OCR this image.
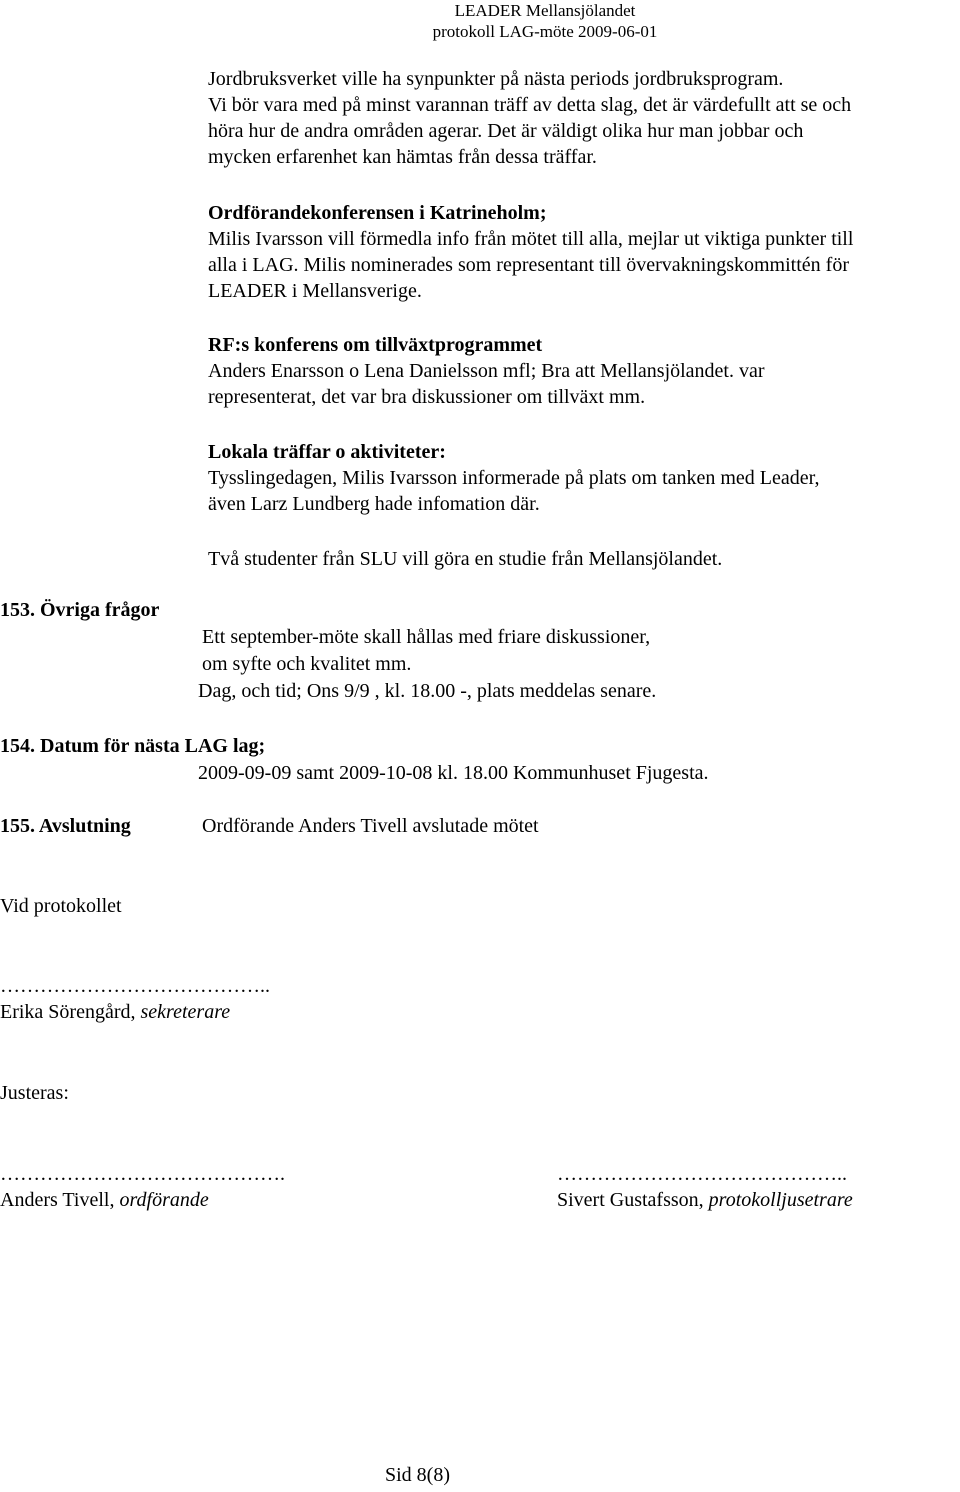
LEADER Mellansjölandet
protokoll LAG-möte 2009-06-01
Jordbruksverket ville ha synpunkter på nästa periods jordbruksprogram.
Vi bör vara med på minst varannan träff av detta slag, det är värdefullt att se och
höra hur de andra områden agerar. Det är väldigt olika hur man jobbar och
mycken erfarenhet kan hämtas från dessa träffar.
Ordförandekonferensen i Katrineholm;
Milis Ivarsson vill förmedla info från mötet till alla, mejlar ut viktiga punkter till
alla i LAG. Milis nominerades som representant till övervakningskommittén för
LEADER i Mellansverige.
RF:s konferens om tillväxtprogrammet
Anders Enarsson o Lena Danielsson mfl; Bra att Mellansjölandet. var
representerat, det var bra diskussioner om tillväxt mm.
Lokala träffar o aktiviteter:
Tysslingedagen, Milis Ivarsson informerade på plats om tanken med Leader,
även Larz Lundberg hade infomation där.
Två studenter från SLU vill göra en studie från Mellansjölandet.
153. Övriga frågor
Ett september-möte skall hållas med friare diskussioner,
om syfte och kvalitet mm.
Dag, och tid; Ons 9/9 , kl. 18.00 -, plats meddelas senare.
154. Datum för nästa LAG lag;
2009-09-09 samt 2009-10-08 kl. 18.00 Kommunhuset Fjugesta.
155. Avslutning	Ordförande Anders Tivell avslutade mötet
Vid protokollet
…………………………………..
Erika Sörengård, sekreterare
Justeras:
…………………………………….
Anders Tivell, ordförande
……………………………………..
Sivert Gustafsson, protokolljusetrare
Sid 8(8)
